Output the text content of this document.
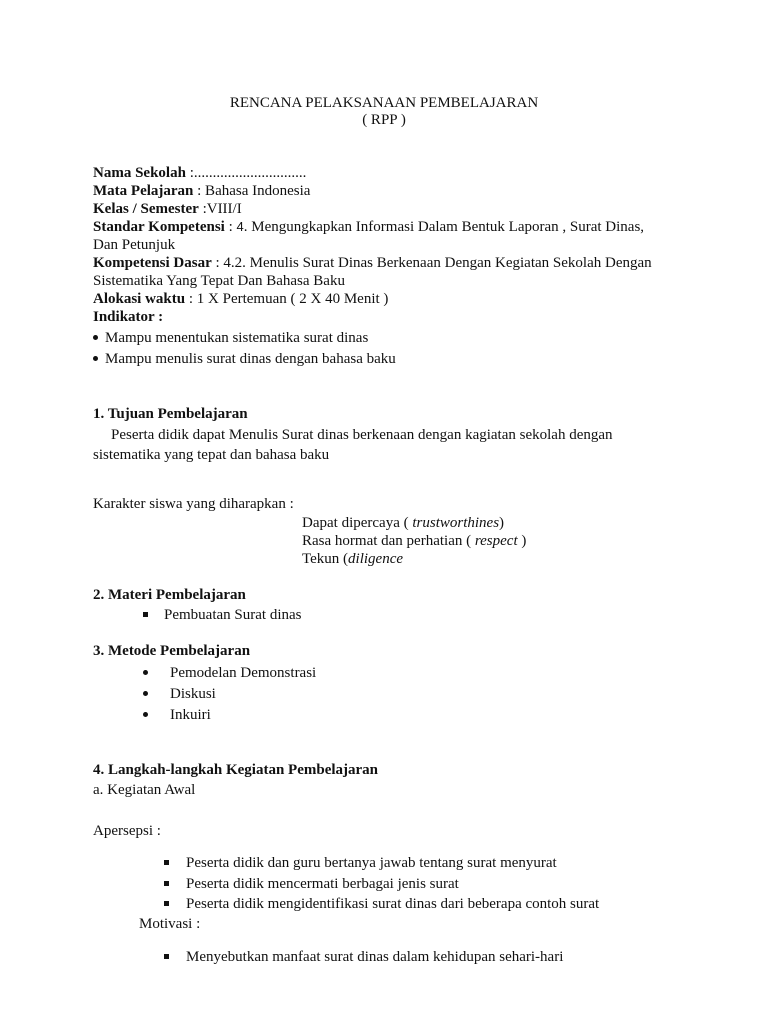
RENCANA PELAKSANAAN PEMBELAJARAN
( RPP )
Nama Sekolah :..............................
Mata Pelajaran : Bahasa Indonesia
Kelas / Semester :VIII/I
Standar Kompetensi : 4. Mengungkapkan Informasi Dalam Bentuk Laporan , Surat Dinas,
Dan Petunjuk
Kompetensi Dasar : 4.2. Menulis Surat Dinas Berkenaan Dengan Kegiatan Sekolah Dengan
Sistematika Yang Tepat Dan Bahasa Baku
Alokasi waktu : 1 X Pertemuan ( 2 X 40 Menit )
Indikator :
Mampu menentukan sistematika surat dinas
Mampu menulis surat dinas dengan bahasa baku
1. Tujuan Pembelajaran
Peserta didik dapat Menulis Surat dinas berkenaan dengan kagiatan sekolah dengan
sistematika yang tepat dan bahasa baku
Karakter siswa yang diharapkan :
Dapat dipercaya ( trustworthines)
Rasa hormat dan perhatian ( respect )
Tekun (diligence
2. Materi Pembelajaran
Pembuatan Surat dinas
3. Metode Pembelajaran
Pemodelan Demonstrasi
Diskusi
Inkuiri
4. Langkah-langkah Kegiatan Pembelajaran
a. Kegiatan Awal
Apersepsi :
Peserta didik dan guru bertanya jawab tentang surat menyurat
Peserta didik mencermati berbagai jenis surat
Peserta didik mengidentifikasi surat dinas dari beberapa contoh surat
Motivasi :
Menyebutkan manfaat surat dinas dalam kehidupan sehari-hari
